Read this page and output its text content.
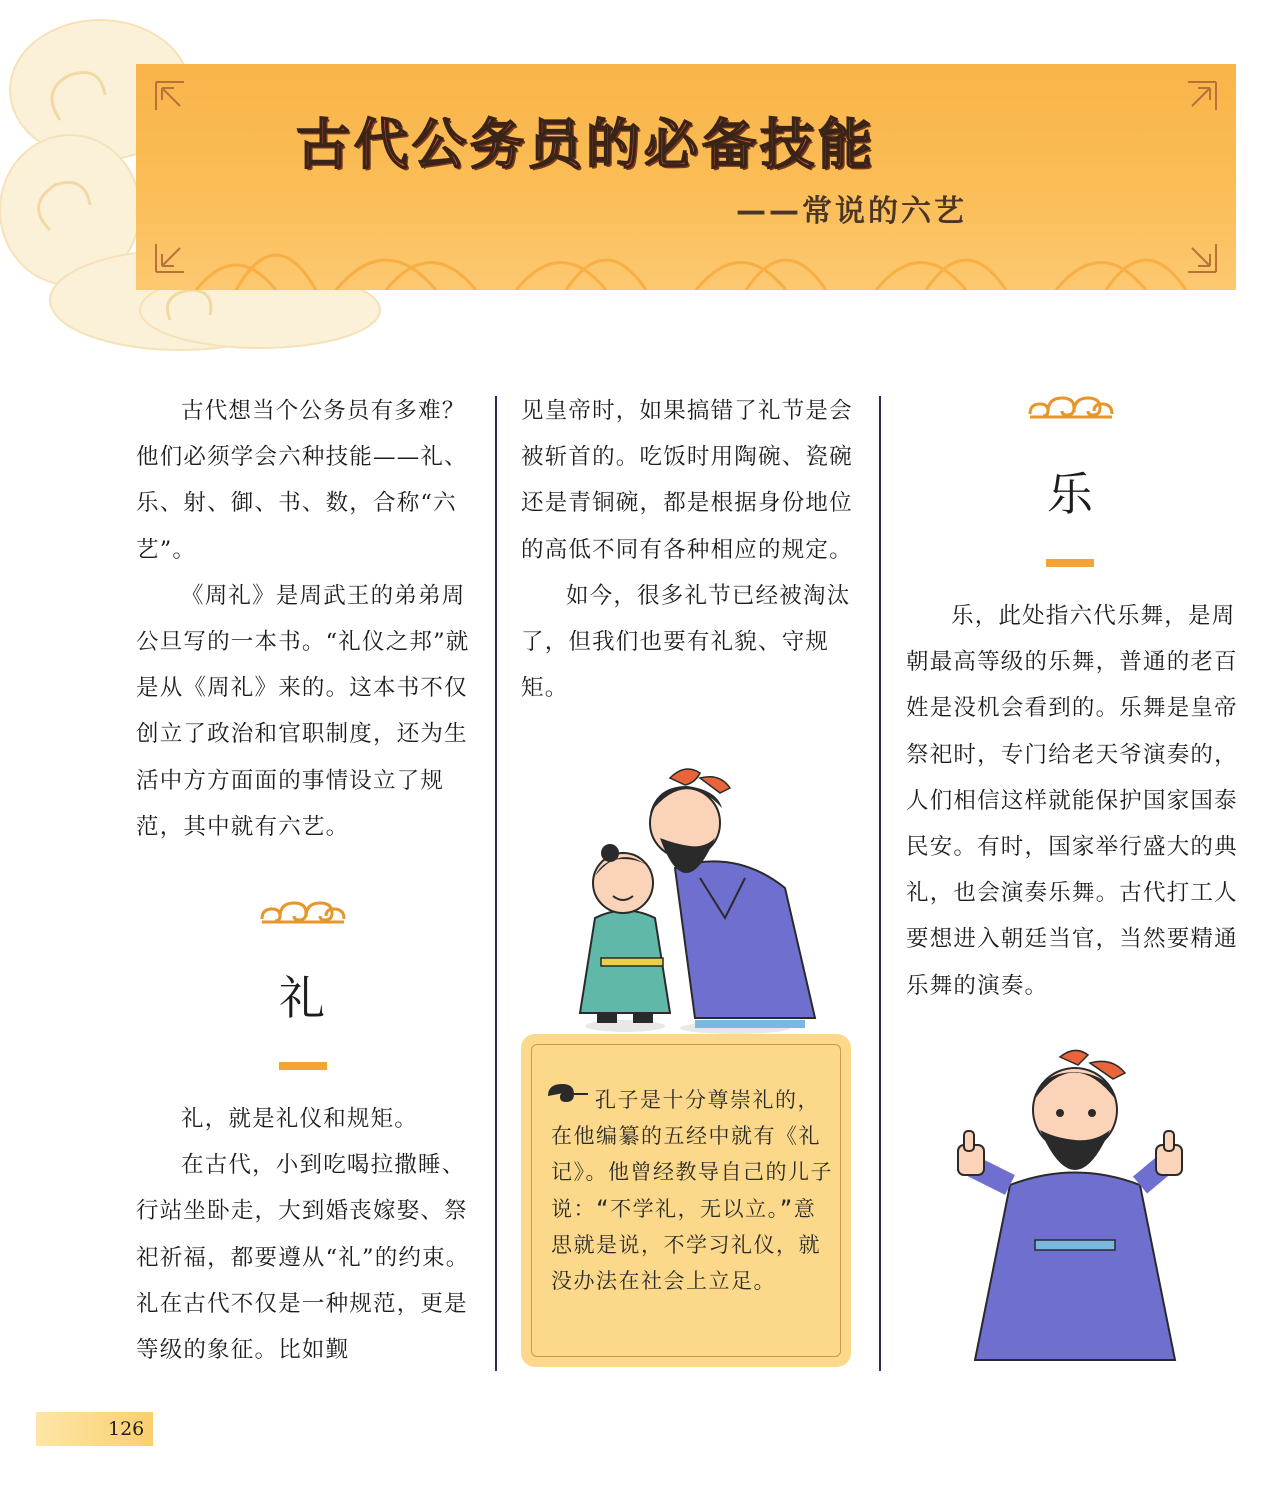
古代公务员的必备技能
——常说的六艺

古代想当个公务员有多难？他们必须学会六种技能——礼、乐、射、御、书、数，合称“六艺”。

《周礼》是周武王的弟弟周公旦写的一本书。“礼仪之邦”就是从《周礼》来的。这本书不仅创立了政治和官职制度，还为生活中方方面面的事情设立了规范，其中就有六艺。

礼

礼，就是礼仪和规矩。

在古代，小到吃喝拉撒睡、行站坐卧走，大到婚丧嫁娶、祭祀祈福，都要遵从“礼”的约束。礼在古代不仅是一种规范，更是等级的象征。比如觐

见皇帝时，如果搞错了礼节是会被斩首的。吃饭时用陶碗、瓷碗还是青铜碗，都是根据身份地位的高低不同有各种相应的规定。

如今，很多礼节已经被淘汰了，但我们也要有礼貌、守规矩。

孔子是十分尊崇礼的，在他编纂的五经中就有《礼记》。他曾经教导自己的儿子说：“不学礼，无以立。”意思就是说，不学习礼仪，就没办法在社会上立足。
乐

乐，此处指六代乐舞，是周朝最高等级的乐舞，普通的老百姓是没机会看到的。乐舞是皇帝祭祀时，专门给老天爷演奏的，人们相信这样就能保护国家国泰民安。有时，国家举行盛大的典礼，也会演奏乐舞。古代打工人要想进入朝廷当官，当然要精通乐舞的演奏。

126
